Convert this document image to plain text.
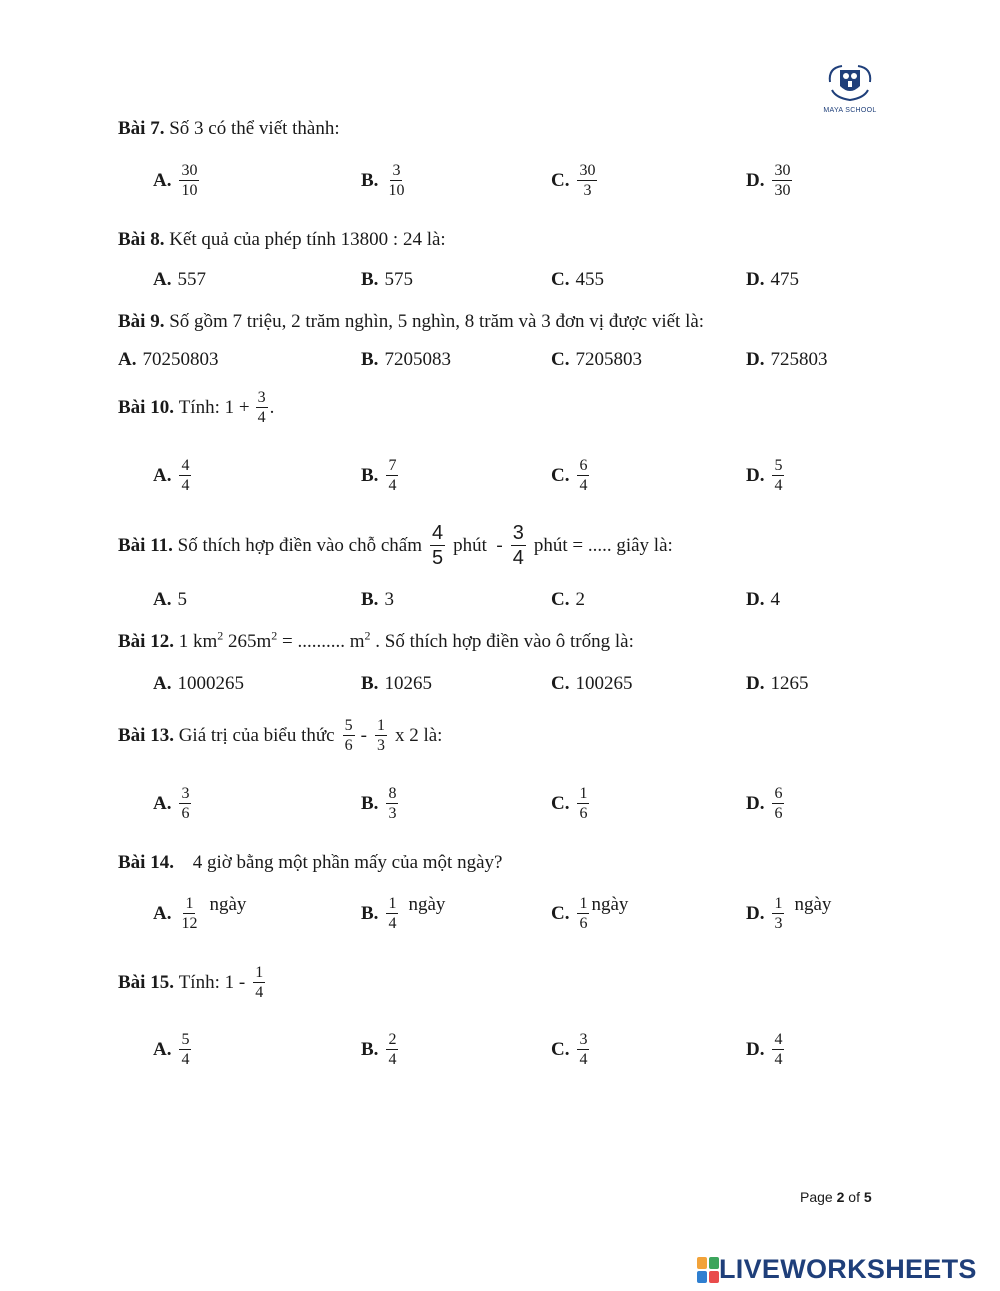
MAYA SCHOOL
Bài 7. Số 3 có thể viết thành:
A. $\frac{30}{10}$	B. $\frac{3}{10}$	C. $\frac{30}{3}$	D. $\frac{30}{30}$
Bài 8. Kết quả của phép tính 13800 : 24 là:
A. 557	B. 575	C. 455	D. 475
Bài 9. Số gồm 7 triệu, 2 trăm nghìn, 5 nghìn, 8 trăm và 3 đơn vị được viết là:
A. 70250803	B. 7205083	C. 7205803	D. 725803
Bài 10.
Tính: $1 + \frac{3}{4}$ .
A. $\frac{4}{4}$	B. $\frac{7}{4}$	C. $\frac{6}{4}$	D. $\frac{5}{4}$
Bài 11.
Số thích hợp điền vào chỗ chấm $\frac{4}{5}$ phút  - $\frac{3}{4}$ phút = ..... giây là:
A. 5	B. 3	C. 2	D. 4
Bài 12. 1 $km^2$ $265m^2$ = .......... $m^2$ . Số thích hợp điền vào ô trống là:
A. 1000265	B. 10265	C. 100265	D. 1265
Bài 13.
Giá trị của biểu thức $\frac{5}{6} - \frac{1}{3}$ x 2 là:
A. $\frac{3}{6}$	B. $\frac{8}{3}$	C. $\frac{1}{6}$	D. $\frac{6}{6}$
Bài 14. 4 giờ bằng một phần mấy của một ngày?
A. $\frac{1}{12}$ ngày	B. $\frac{1}{4}$ ngày	C. $\frac{1}{6}$ ngày	D. $\frac{1}{3}$ ngày
Bài 15.
Tính: $1 - \frac{1}{4}$
A. $\frac{5}{4}$	B. $\frac{2}{4}$	C. $\frac{3}{4}$	D. $\frac{4}{4}$
Page 2 of 5
LIVEWORKSHEETS
